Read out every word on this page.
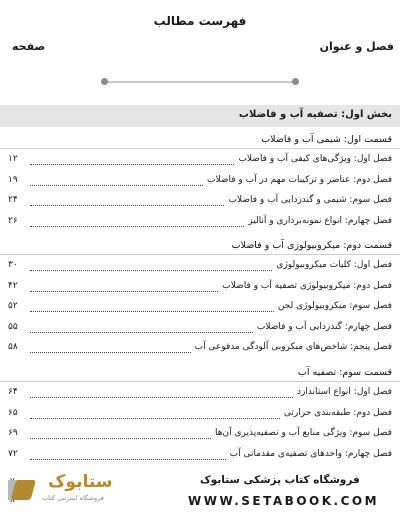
فهرست مطالب
فصل و عنوان
صفحه
بخش اول: تصفیه آب و فاضلاب
قسمت اول: شیمی آب و فاضلاب
فصل اول: ویژگی‌های کیفی آب و فاضلاب
۱۲
فصل دوم: عناصر و ترکیبات مهم در آب و فاضلاب
۱۹
فصل سوم: شیمی و گندزدایی آب و فاضلاب
۲۴
فصل چهارم: انواع نمونه‌برداری و آنالیز
۲۶
قسمت دوم: میکروبیولوژی آب و فاضلاب
فصل اول: کلیات میکروبیولوژی
۳۰
فصل دوم: میکروبیولوژی تصفیه آب و فاضلاب
۴۲
فصل سوم: میکروبیولوژی لجن
۵۲
فصل چهارم: گندزدایی آب و فاضلاب
۵۵
فصل پنجم: شاخص‌های میکروبی آلودگی مدفوعی آب
۵۸
قسمت سوم: تصفیه آب
فصل اول: انواع استاندارد
۶۴
فصل دوم: طبقه‌بندی حرارتی
۶۵
فصل سوم: ویژگی منابع آب و تصفیه‌پذیری آن‌ها
۶۹
فصل چهارم: واحدهای تصفیه‌ی مقدماتی آب
۷۲
ستابوک
فروشگاه اینترنتی کتاب
فروشگاه کتاب پزشکی ستابوک
WWW.SETABOOK.COM
